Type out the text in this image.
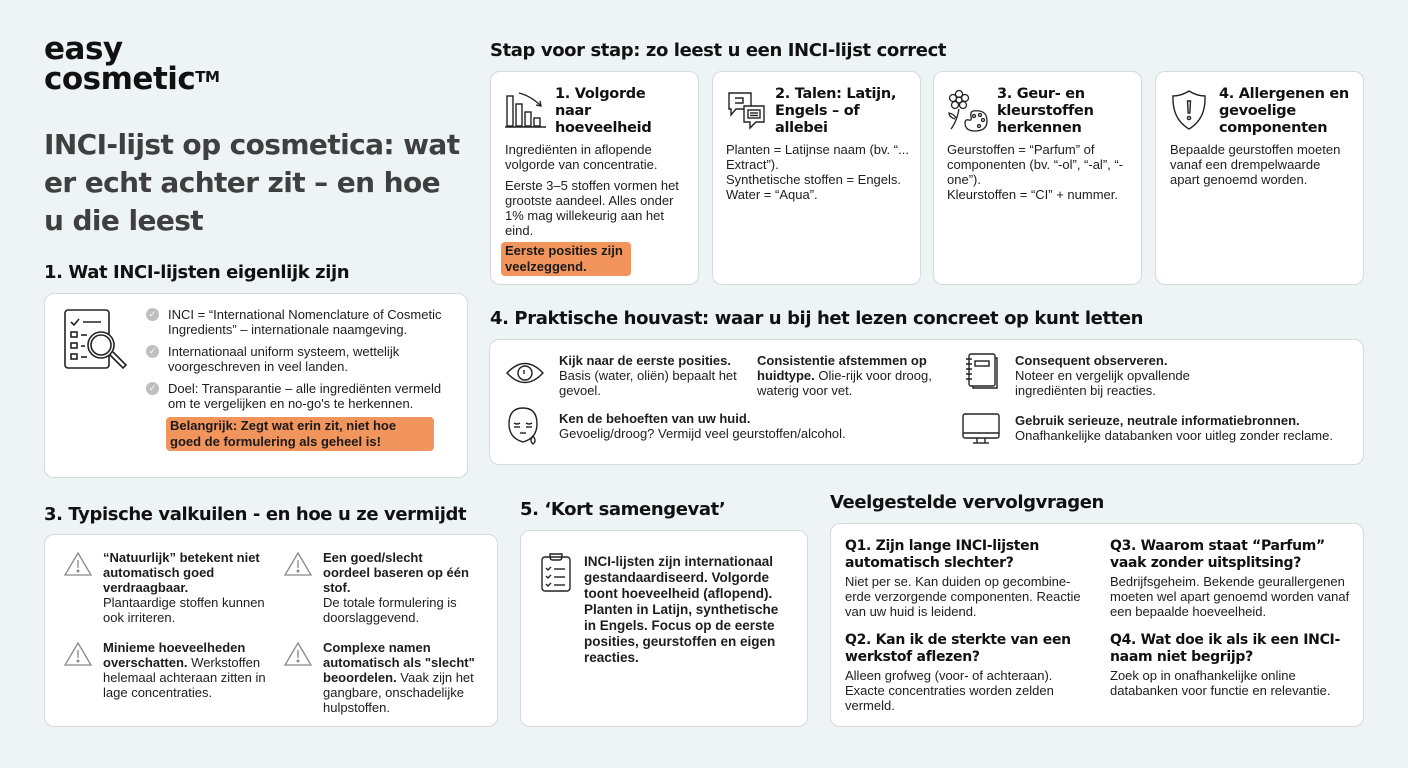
easy
cosmetic™
INCI-lijst op cosmetica: wat er echt achter zit – en hoe u die leest
1. Wat INCI-lijsten eigenlijk zijn
✓ INCI = “International Nomenclature of Cosmetic Ingredients” – internationale naamgeving.
✓ Internationaal uniform systeem, wettelijk voorgeschreven in veel landen.
✓ Doel: Transparantie – alle ingrediënten vermeld om te vergelijken en no-go's te herkennen.
Belangrijk: Zegt wat erin zit, niet hoe goed de formulering als geheel is!
Stap voor stap: zo leest u een INCI-lijst correct
1. Volgorde naar hoeveelheid
Ingrediënten in aflopende volgorde van concentratie.
Eerste 3–5 stoffen vormen het grootste aandeel. Alles onder 1% mag willekeurig aan het eind.
Eerste posities zijn veelzeggend.
2. Talen: Latijn, Engels – of allebei
Planten = Latijnse naam (bv. “... Extract”).
Synthetische stoffen = Engels.
Water = “Aqua”.
3. Geur- en kleurstoffen herkennen
Geurstoffen = “Parfum” of componenten (bv. “-ol”, “-al”, “-one”).
Kleurstoffen = “CI” + nummer.
4. Allergenen en gevoelige componenten
Bepaalde geurstoffen moeten vanaf een drempelwaarde apart genoemd worden.
4. Praktische houvast: waar u bij het lezen concreet op kunt letten
Kijk naar de eerste posities. Basis (water, oliën) bepaalt het gevoel.
Consistentie afstemmen op huidtype. Olie-rijk voor droog, waterig voor vet.
Ken de behoeften van uw huid.
Gevoelig/droog? Vermijd veel geurstoffen/alcohol.
Consequent observeren.
Noteer en vergelijk opvallende ingrediënten bij reacties.
Gebruik serieuze, neutrale informatiebronnen.
Onafhankelijke databanken voor uitleg zonder reclame.
3. Typische valkuilen - en hoe u ze vermijdt
“Natuurlijk” betekent niet automatisch goed verdraagbaar.
Plantaardige stoffen kunnen ook irriteren.
Een goed/slecht oordeel baseren op één stof.
De totale formulering is doorslaggevend.
Minieme hoeveelheden overschatten. Werkstoffen helemaal achteraan zitten in lage concentraties.
Complexe namen automatisch als "slecht" beoordelen. Vaak zijn het gangbare, onschadelijke hulpstoffen.
5. ‘Kort samengevat’
INCI-lijsten zijn internationaal gestandaardiseerd. Volgorde toont hoeveelheid (aflopend). Planten in Latijn, synthetische in Engels. Focus op de eerste posities, geurstoffen en eigen reacties.
Veelgestelde vervolgvragen
Q1. Zijn lange INCI-lijsten automatisch slechter?
Niet per se. Kan duiden op gecombine-erde verzorgende componenten. Reactie van uw huid is leidend.
Q2. Kan ik de sterkte van een werkstof aflezen?
Alleen grofweg (voor- of achteraan). Exacte concentraties worden zelden vermeld.
Q3. Waarom staat “Parfum” vaak zonder uitsplitsing?
Bedrijfsgeheim. Bekende geurallergenen moeten wel apart genoemd worden vanaf een bepaalde hoeveelheid.
Q4. Wat doe ik als ik een INCI-naam niet begrijp?
Zoek op in onafhankelijke online databanken voor functie en relevantie.
